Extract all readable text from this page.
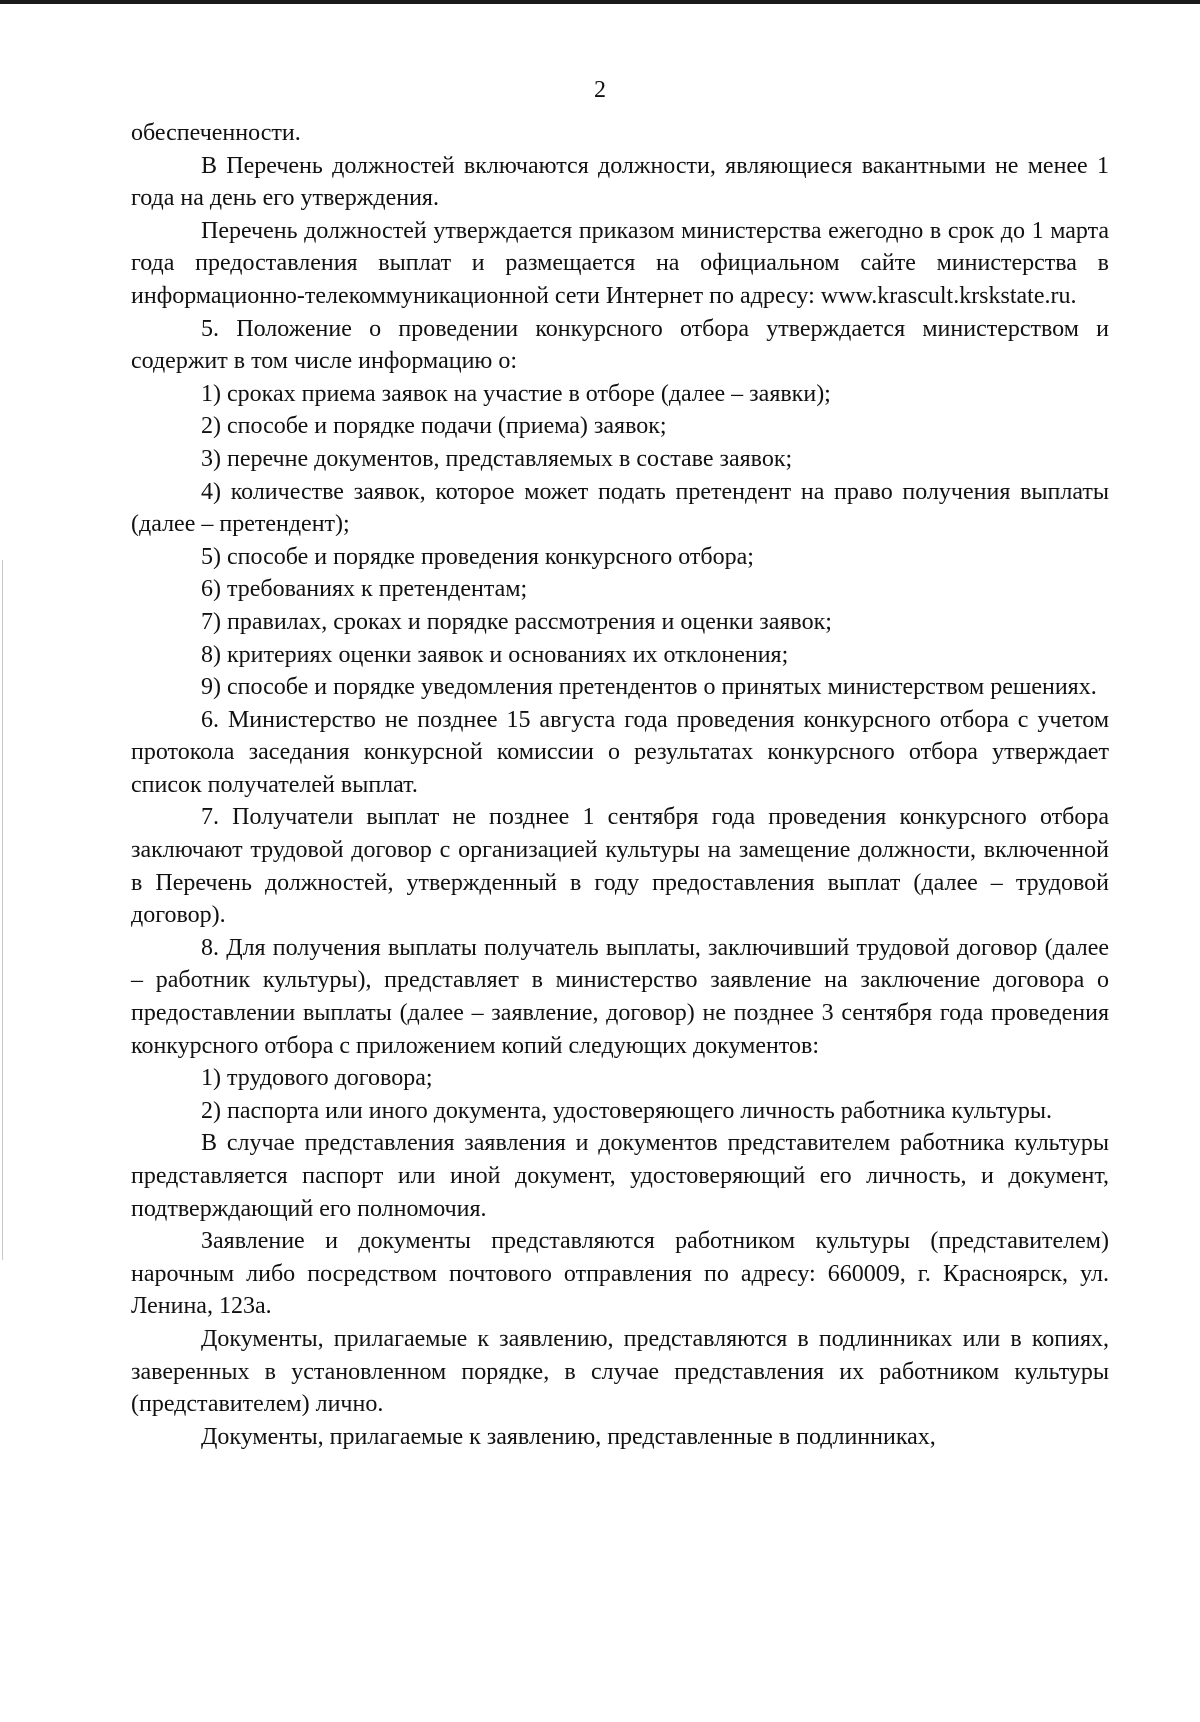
2

обеспеченности.

В Перечень должностей включаются должности, являющиеся вакантными не менее 1 года на день его утверждения.

Перечень должностей утверждается приказом министерства ежегодно в срок до 1 марта года предоставления выплат и размещается на официальном сайте министерства в информационно-телекоммуникационной сети Интернет по адресу: www.krascult.krskstate.ru.

5. Положение о проведении конкурсного отбора утверждается министерством и содержит в том числе информацию о:

1) сроках приема заявок на участие в отборе (далее – заявки);

2) способе и порядке подачи (приема) заявок;

3) перечне документов, представляемых в составе заявок;

4) количестве заявок, которое может подать претендент на право получения выплаты (далее – претендент);

5) способе и порядке проведения конкурсного отбора;

6) требованиях к претендентам;

7) правилах, сроках и порядке рассмотрения и оценки заявок;

8) критериях оценки заявок и основаниях их отклонения;

9) способе и порядке уведомления претендентов о принятых министерством решениях.

6. Министерство не позднее 15 августа года проведения конкурсного отбора с учетом протокола заседания конкурсной комиссии о результатах конкурсного отбора утверждает список получателей выплат.

7. Получатели выплат не позднее 1 сентября года проведения конкурсного отбора заключают трудовой договор с организацией культуры на замещение должности, включенной в Перечень должностей, утвержденный в году предоставления выплат (далее – трудовой договор).

8. Для получения выплаты получатель выплаты, заключивший трудовой договор (далее – работник культуры), представляет в министерство заявление на заключение договора о предоставлении выплаты (далее – заявление, договор) не позднее 3 сентября года проведения конкурсного отбора с приложением копий следующих документов:

1) трудового договора;

2) паспорта или иного документа, удостоверяющего личность работника культуры.

В случае представления заявления и документов представителем работника культуры представляется паспорт или иной документ, удостоверяющий его личность, и документ, подтверждающий его полномочия.

Заявление и документы представляются работником культуры (представителем) нарочным либо посредством почтового отправления по адресу: 660009, г. Красноярск, ул. Ленина, 123а.

Документы, прилагаемые к заявлению, представляются в подлинниках или в копиях, заверенных в установленном порядке, в случае представления их работником культуры (представителем) лично.

Документы, прилагаемые к заявлению, представленные в подлинниках,
